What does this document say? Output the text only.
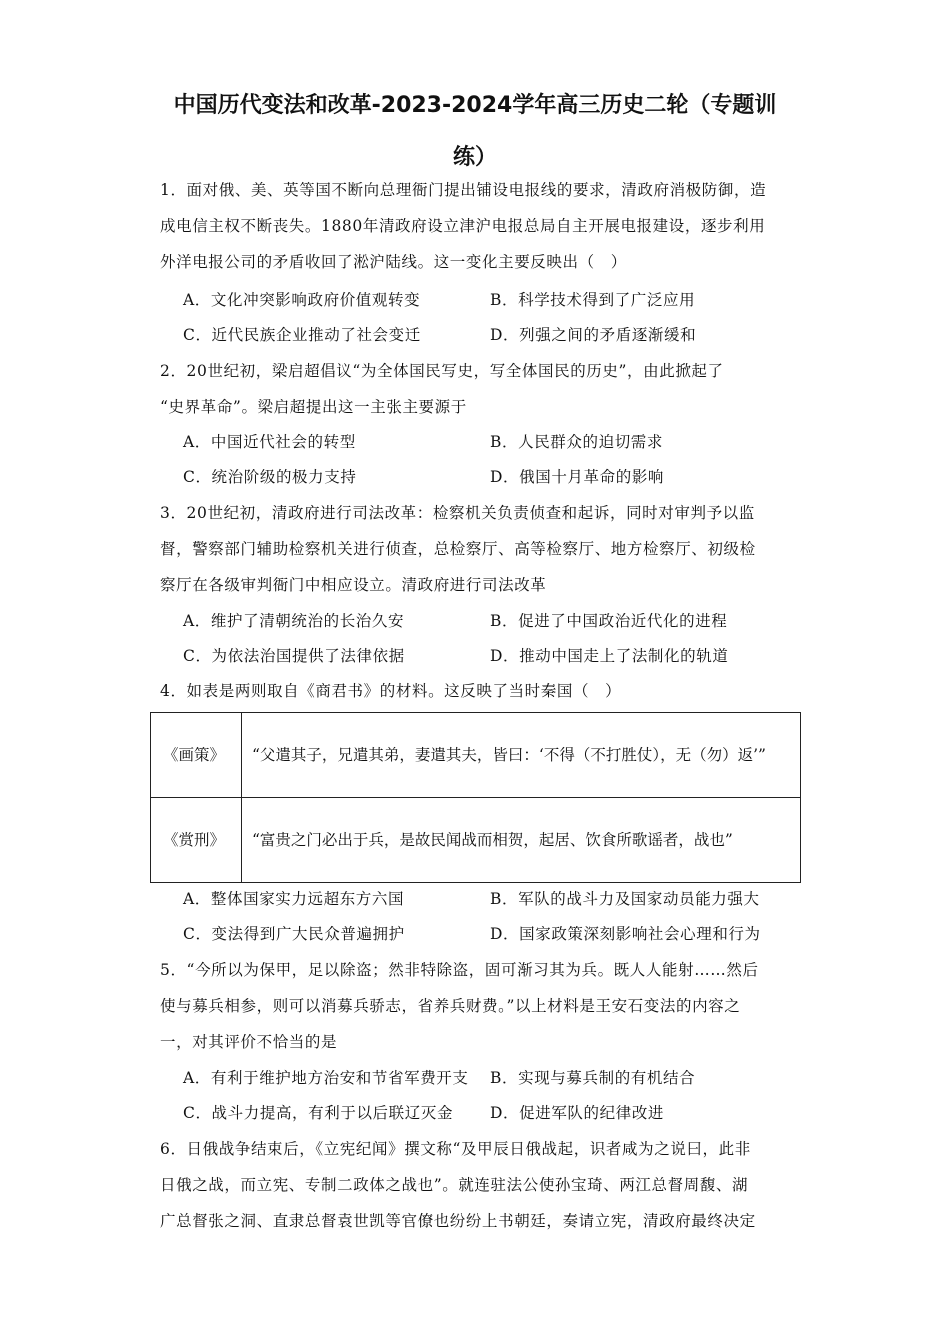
中国历代变法和改革-2023-2024学年高三历史二轮（专题训
练）
1．面对俄、美、英等国不断向总理衙门提出铺设电报线的要求，清政府消极防御，造
成电信主权不断丧失。1880年清政府设立津沪电报总局自主开展电报建设，逐步利用
外洋电报公司的矛盾收回了淞沪陆线。这一变化主要反映出（　）
A．文化冲突影响政府价值观转变	B．科学技术得到了广泛应用
C．近代民族企业推动了社会变迁	D．列强之间的矛盾逐渐缓和
2．20世纪初，梁启超倡议“为全体国民写史，写全体国民的历史”，由此掀起了
“史界革命”。梁启超提出这一主张主要源于
A．中国近代社会的转型	B．人民群众的迫切需求
C．统治阶级的极力支持	D．俄国十月革命的影响
3．20世纪初，清政府进行司法改革：检察机关负责侦查和起诉，同时对审判予以监
督，警察部门辅助检察机关进行侦查，总检察厅、高等检察厅、地方检察厅、初级检
察厅在各级审判衙门中相应设立。清政府进行司法改革
A．维护了清朝统治的长治久安	B．促进了中国政治近代化的进程
C．为依法治国提供了法律依据	D．推动中国走上了法制化的轨道
4．如表是两则取自《商君书》的材料。这反映了当时秦国（　）
《画策》	“父遣其子，兄遣其弟，妻遣其夫，皆曰：‘不得（不打胜仗），无（勿）返’”
《赏刑》	“富贵之门必出于兵，是故民闻战而相贺，起居、饮食所歌谣者，战也”
A．整体国家实力远超东方六国	B．军队的战斗力及国家动员能力强大
C．变法得到广大民众普遍拥护	D．国家政策深刻影响社会心理和行为
5．“今所以为保甲，足以除盗；然非特除盗，固可渐习其为兵。既人人能射……然后
使与募兵相参，则可以消募兵骄志，省养兵财费。”以上材料是王安石变法的内容之
一，对其评价不恰当的是
A．有利于维护地方治安和节省军费开支 B．实现与募兵制的有机结合
C．战斗力提高，有利于以后联辽灭金 D．促进军队的纪律改进
6．日俄战争结束后，《立宪纪闻》撰文称“及甲辰日俄战起，识者咸为之说曰，此非
日俄之战，而立宪、专制二政体之战也”。就连驻法公使孙宝琦、两江总督周馥、湖
广总督张之洞、直隶总督袁世凯等官僚也纷纷上书朝廷，奏请立宪，清政府最终决定
